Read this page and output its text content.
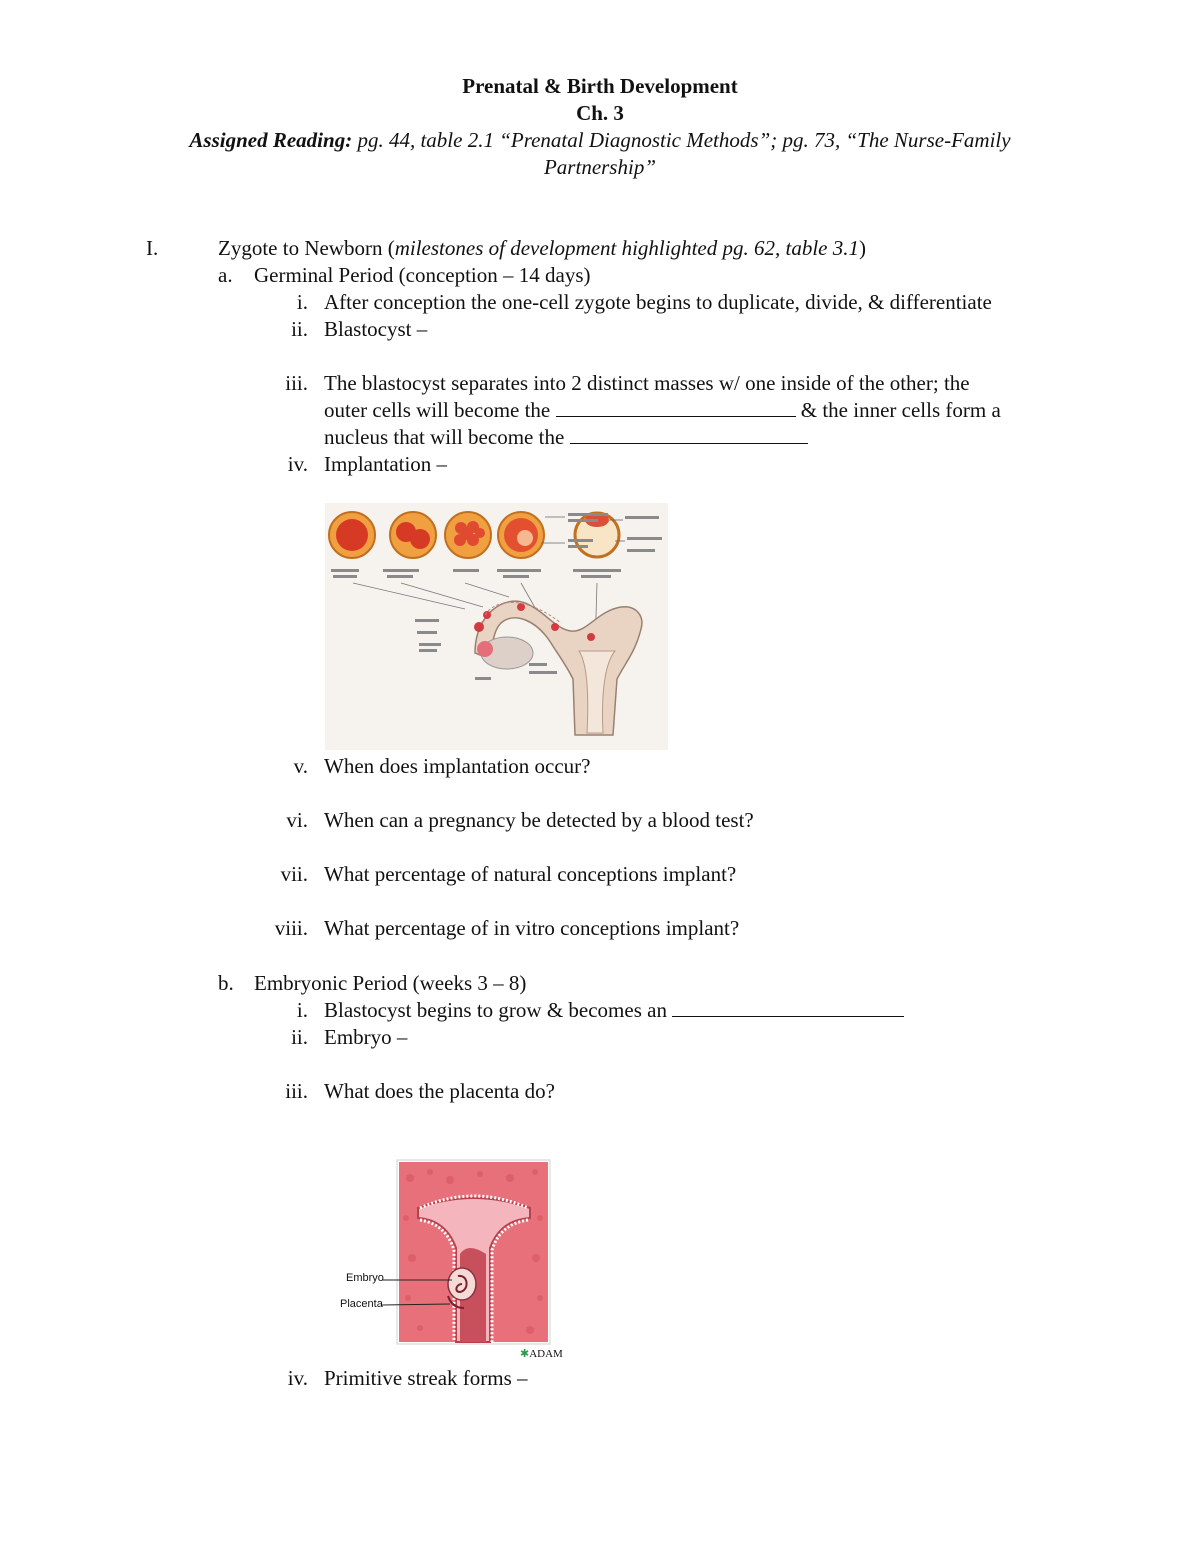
Prenatal & Birth Development
Ch. 3
Assigned Reading: pg. 44, table 2.1 “Prenatal Diagnostic Methods”; pg. 73, “The Nurse-Family
Partnership”
I.	Zygote to Newborn (milestones of development highlighted pg. 62, table 3.1)
a. Germinal Period (conception – 14 days)
i. After conception the one-cell zygote begins to duplicate, divide, & differentiate
ii. Blastocyst –
iii. The blastocyst separates into 2 distinct masses w/ one inside of the other; the
outer cells will become the	& the inner cells form a
nucleus that will become the
iv. Implantation –
v. When does implantation occur?
vi. When can a pregnancy be detected by a blood test?
vii. What percentage of natural conceptions implant?
viii. What percentage of in vitro conceptions implant?
b. Embryonic Period (weeks 3 – 8)
i. Blastocyst begins to grow & becomes an
ii. Embryo –
iii. What does the placenta do?
Embryo
Placenta
✱ADAM
iv. Primitive streak forms –
